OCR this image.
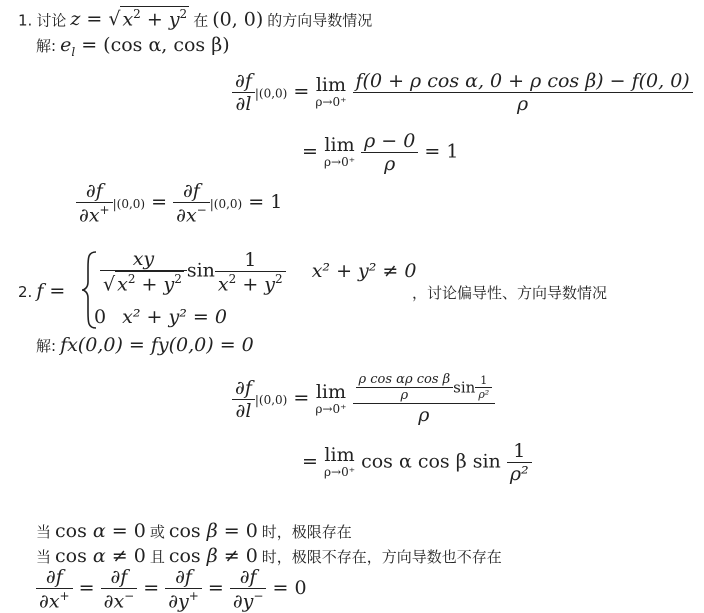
1. 讨论 z = √ $x^2 + y^2$ 在 (0, 0) 的方向导数情况
解: $e_l = (\cos$ α, cos β)
$\frac{\partial f}{\partial l} |(0,0) = \lim$
ρ→0⁺
$\frac{\text{f(0 + ρ cos α, 0 + ρ cos β) − f(0, 0)}}{\rho}$
= lim
ρ→0⁺
$\frac{\rho - 0}{\rho} = 1$
$\frac{\partial f}{\partial x^+} |(0,0) = \frac{\partial f}{\partial x^-} |(0,0) = 1$
2. $f = \frac{xy}{√ x^2 + y^2}$ $\sin \frac{1}{x^2 + y^2} x^2 + y^2 \ne 0$
0 x² + y² = 0
，讨论偏导性、方向导数情况
解: fx(0,0) = fy(0,0) = 0
$\frac{\partial f}{\partial l} |(0,0) = \lim$
ρ→0⁺
$\frac{\frac{\text{ρ cos αρ cos β}}{\rho} \sin \frac{1}{\text{ρ²}}}{\rho}$
= lim
ρ→0⁺ cos α cos β $\sin \frac{1}{\text{ρ²}}$
当 cos α = 0 或 cos β = 0 时，极限存在
当 cos α ≠ 0 且 cos β ≠ 0 时，极限不存在，方向导数也不存在
$\frac{\partial f}{\partial x^+} = \frac{\partial f}{\partial x^-} = \frac{\partial f}{\partial y^+} = \frac{\partial f}{\partial y^-} = 0$
